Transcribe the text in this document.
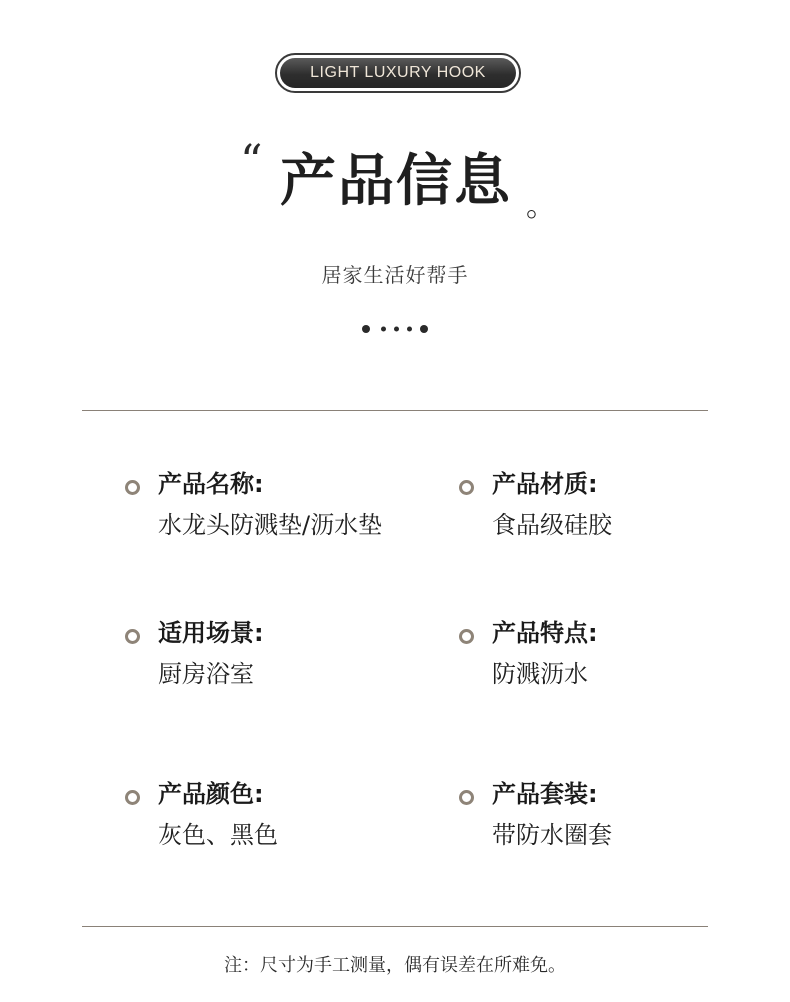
LIGHT LUXURY HOOK
“ 产品信息 。
居家生活好帮手
产品名称:
水龙头防溅垫/沥水垫
产品材质:
食品级硅胶
适用场景:
厨房浴室
产品特点:
防溅沥水
产品颜色:
灰色、黑色
产品套装:
带防水圈套
注：尺寸为手工测量，偶有误差在所难免。
